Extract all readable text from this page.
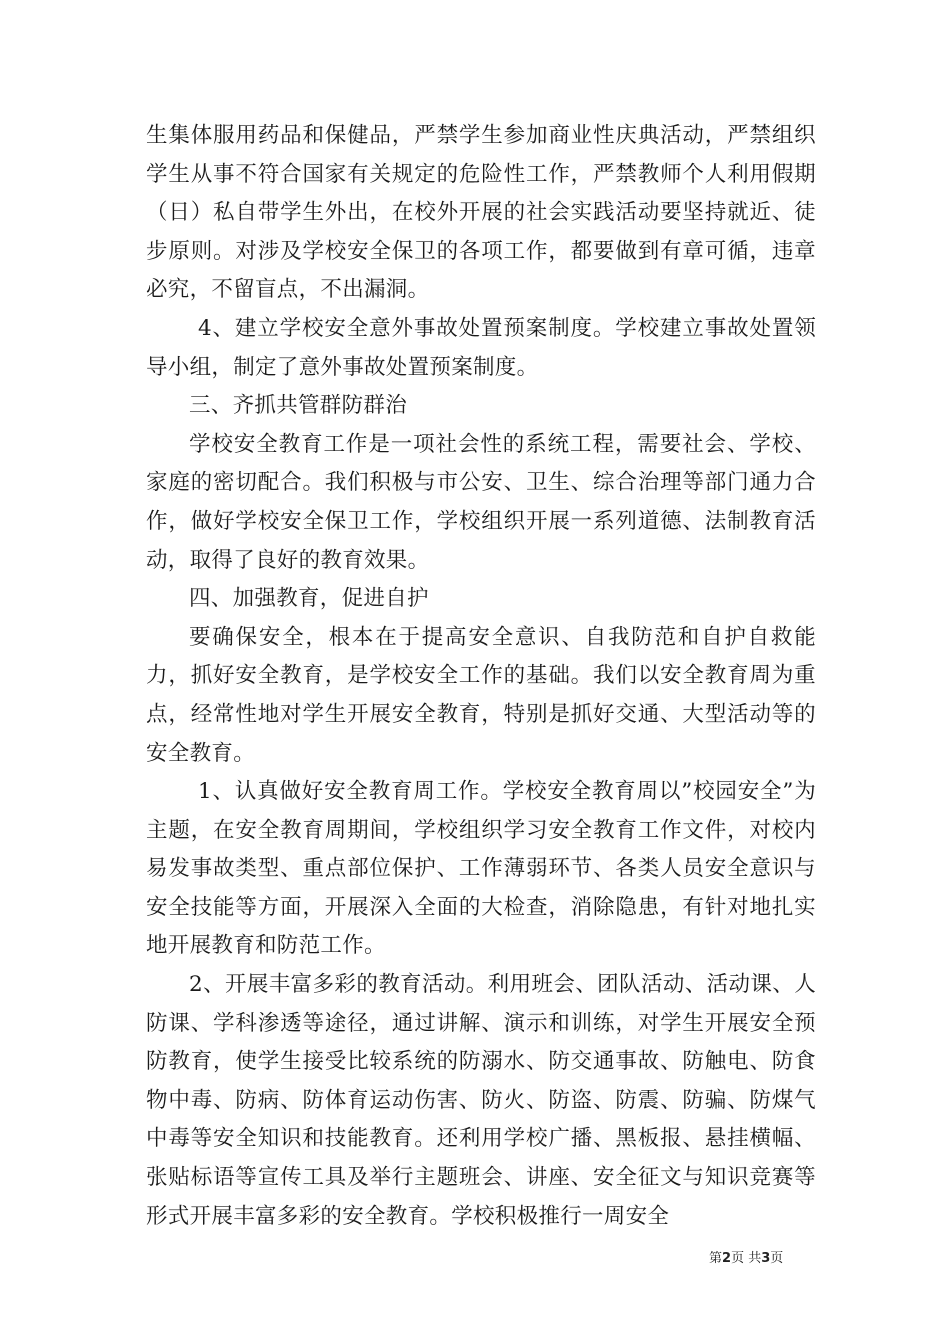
生集体服用药品和保健品，严禁学生参加商业性庆典活动，严禁组织学生从事不符合国家有关规定的危险性工作，严禁教师个人利用假期（日）私自带学生外出，在校外开展的社会实践活动要坚持就近、徒步原则。对涉及学校安全保卫的各项工作，都要做到有章可循，违章必究，不留盲点，不出漏洞。

4、建立学校安全意外事故处置预案制度。学校建立事故处置领导小组，制定了意外事故处置预案制度。

三、齐抓共管群防群治

学校安全教育工作是一项社会性的系统工程，需要社会、学校、家庭的密切配合。我们积极与市公安、卫生、综合治理等部门通力合作，做好学校安全保卫工作，学校组织开展一系列道德、法制教育活动，取得了良好的教育效果。

四、加强教育，促进自护

要确保安全，根本在于提高安全意识、自我防范和自护自救能力，抓好安全教育，是学校安全工作的基础。我们以安全教育周为重点，经常性地对学生开展安全教育，特别是抓好交通、大型活动等的安全教育。

1、认真做好安全教育周工作。学校安全教育周以”校园安全”为主题，在安全教育周期间，学校组织学习安全教育工作文件，对校内易发事故类型、重点部位保护、工作薄弱环节、各类人员安全意识与安全技能等方面，开展深入全面的大检查，消除隐患，有针对地扎实地开展教育和防范工作。

2、开展丰富多彩的教育活动。利用班会、团队活动、活动课、人防课、学科渗透等途径，通过讲解、演示和训练，对学生开展安全预防教育，使学生接受比较系统的防溺水、防交通事故、防触电、防食物中毒、防病、防体育运动伤害、防火、防盗、防震、防骗、防煤气中毒等安全知识和技能教育。还利用学校广播、黑板报、悬挂横幅、张贴标语等宣传工具及举行主题班会、讲座、安全征文与知识竞赛等形式开展丰富多彩的安全教育。学校积极推行一周安全

第2页 共3页
